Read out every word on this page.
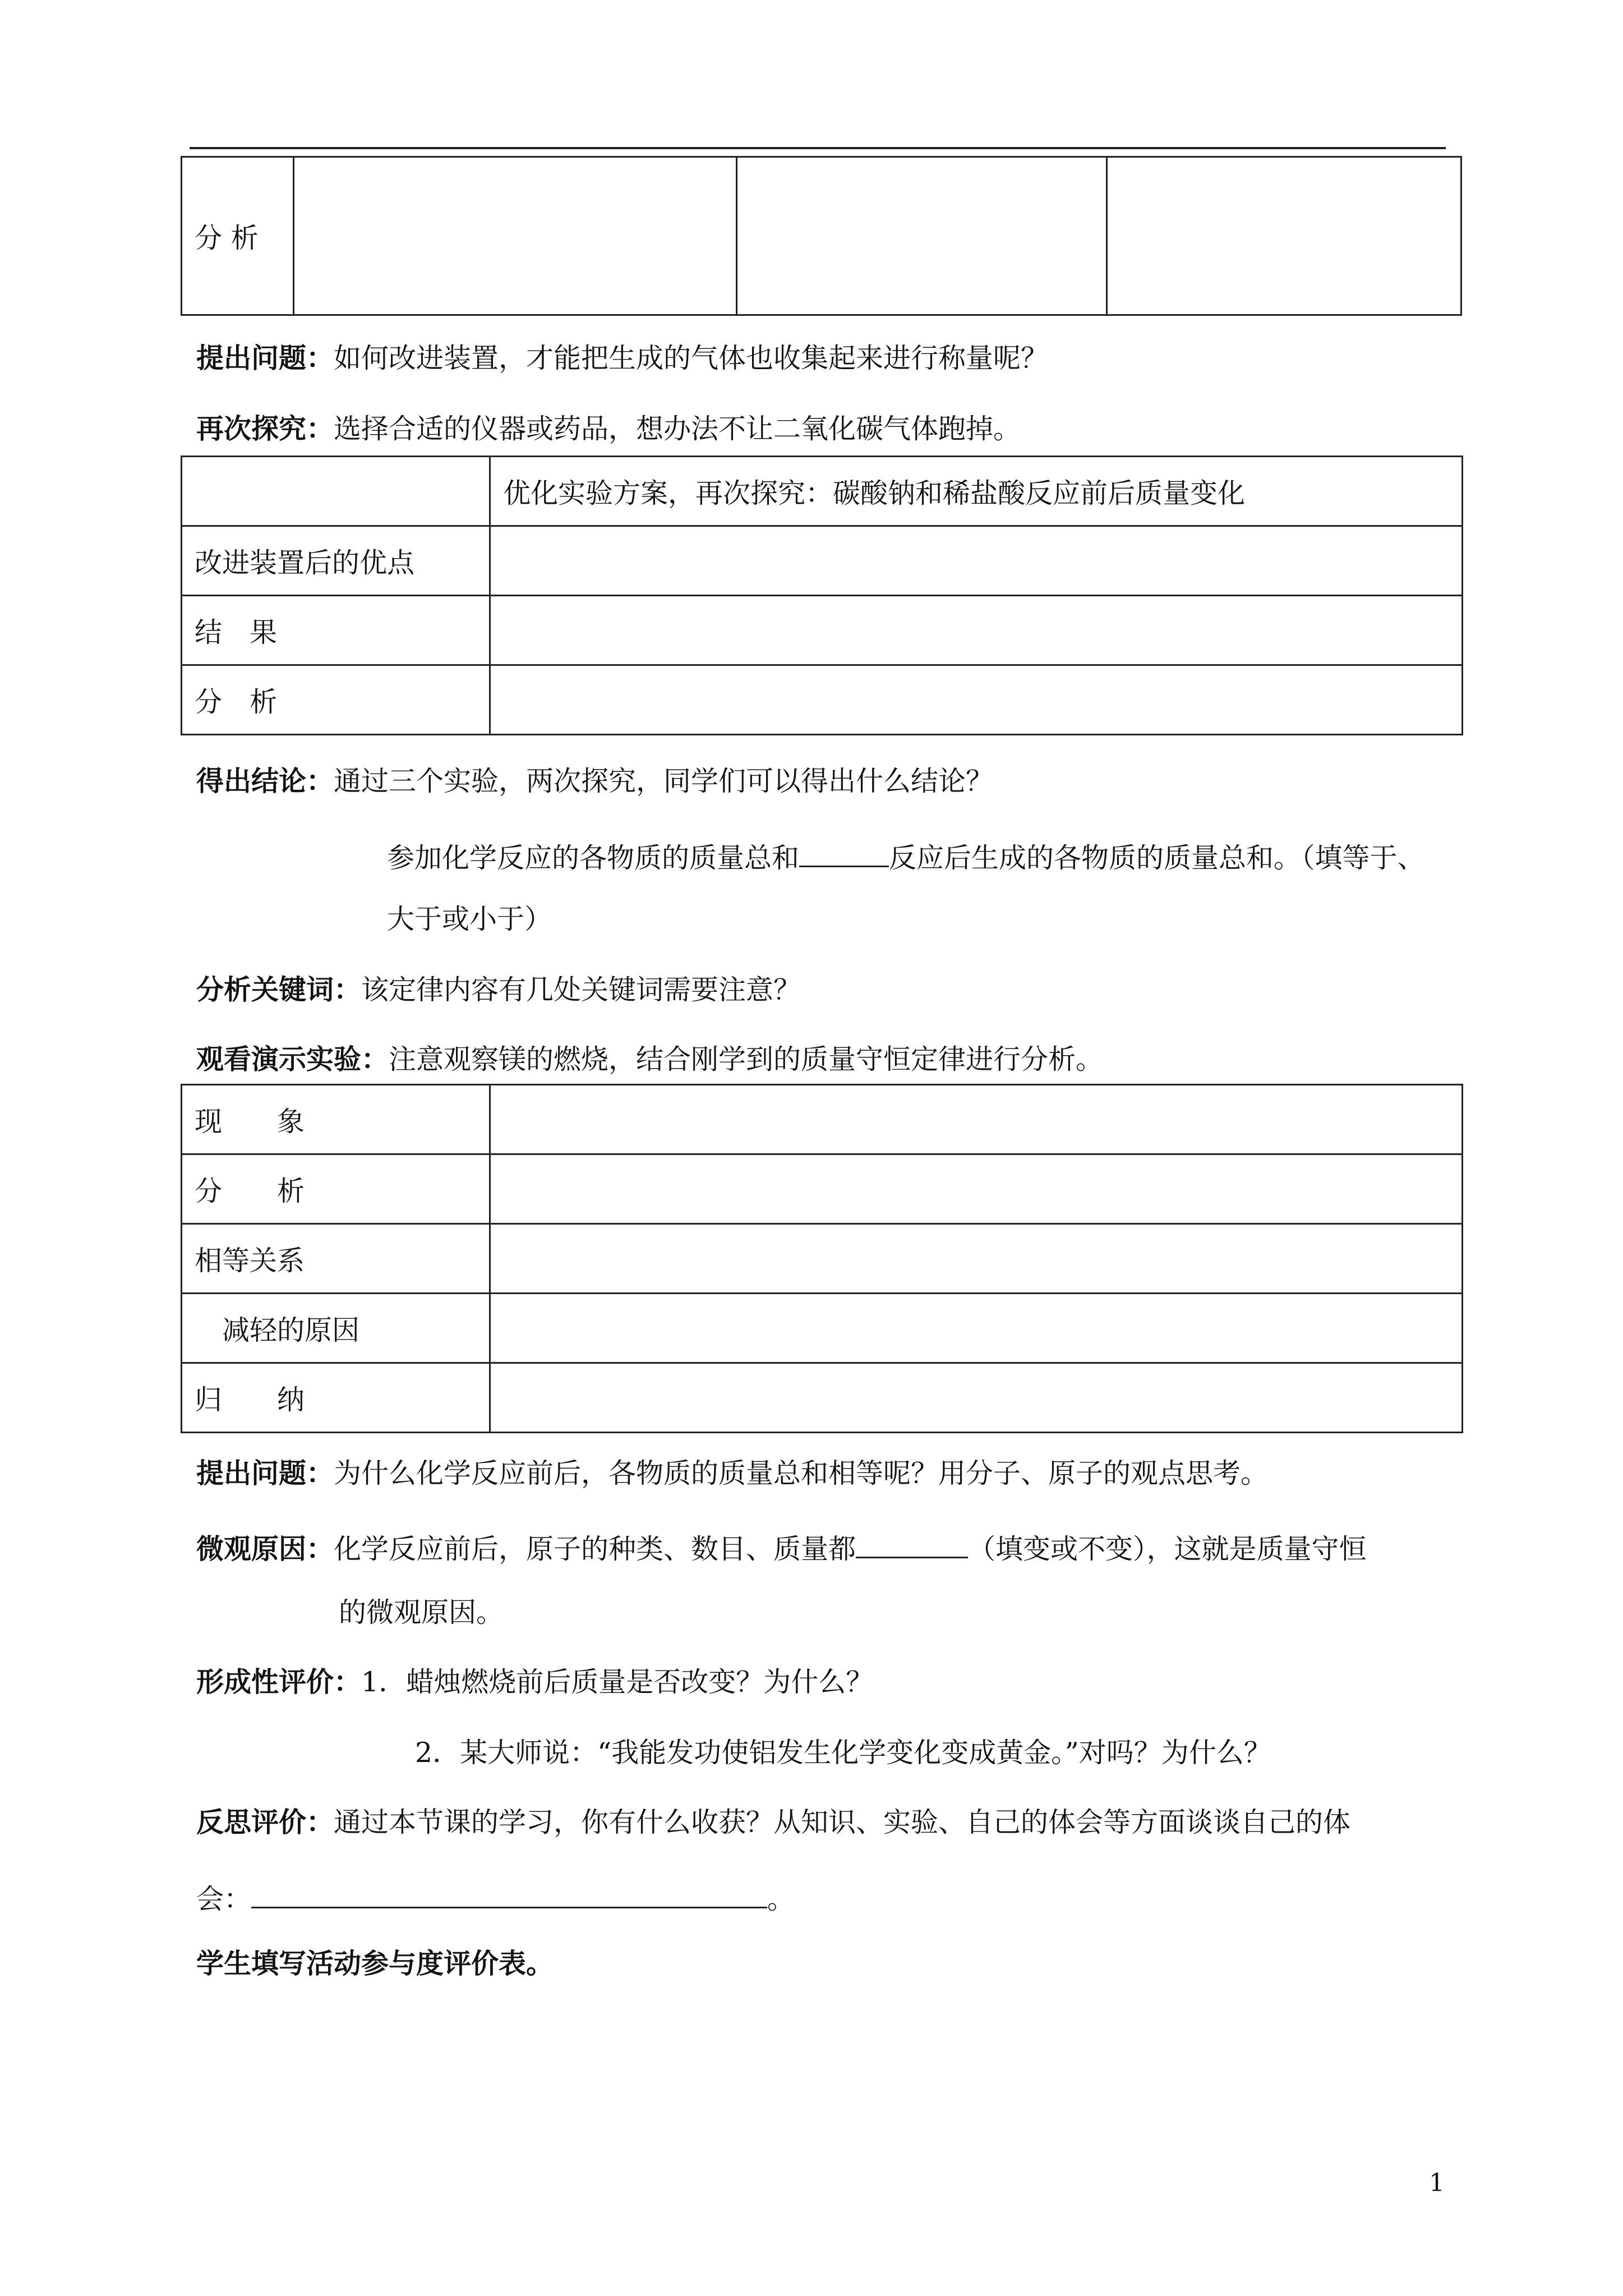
分 析			
提出问题：如何改进装置，才能把生成的气体也收集起来进行称量呢？
再次探究：选择合适的仪器或药品，想办法不让二氧化碳气体跑掉。
	优化实验方案，再次探究：碳酸钠和稀盐酸反应前后质量变化
改进装置后的优点	
结　果	
分　析	
得出结论：通过三个实验，两次探究，同学们可以得出什么结论？
参加化学反应的各物质的质量总和	反应后生成的各物质的质量总和。（填等于、
大于或小于）
分析关键词：该定律内容有几处关键词需要注意？
观看演示实验：注意观察镁的燃烧，结合刚学到的质量守恒定律进行分析。
现　　象	
分　　析	
相等关系	
　减轻的原因	
归　　纳	
提出问题：为什么化学反应前后，各物质的质量总和相等呢？用分子、原子的观点思考。
微观原因：化学反应前后，原子的种类、数目、质量都	（填变或不变），这就是质量守恒
的微观原因。
形成性评价：1．蜡烛燃烧前后质量是否改变？为什么？
2．某大师说：“我能发功使铝发生化学变化变成黄金。”对吗？为什么？
反思评价：通过本节课的学习，你有什么收获？从知识、实验、自己的体会等方面谈谈自己的体
会：	。
学生填写活动参与度评价表。
1
